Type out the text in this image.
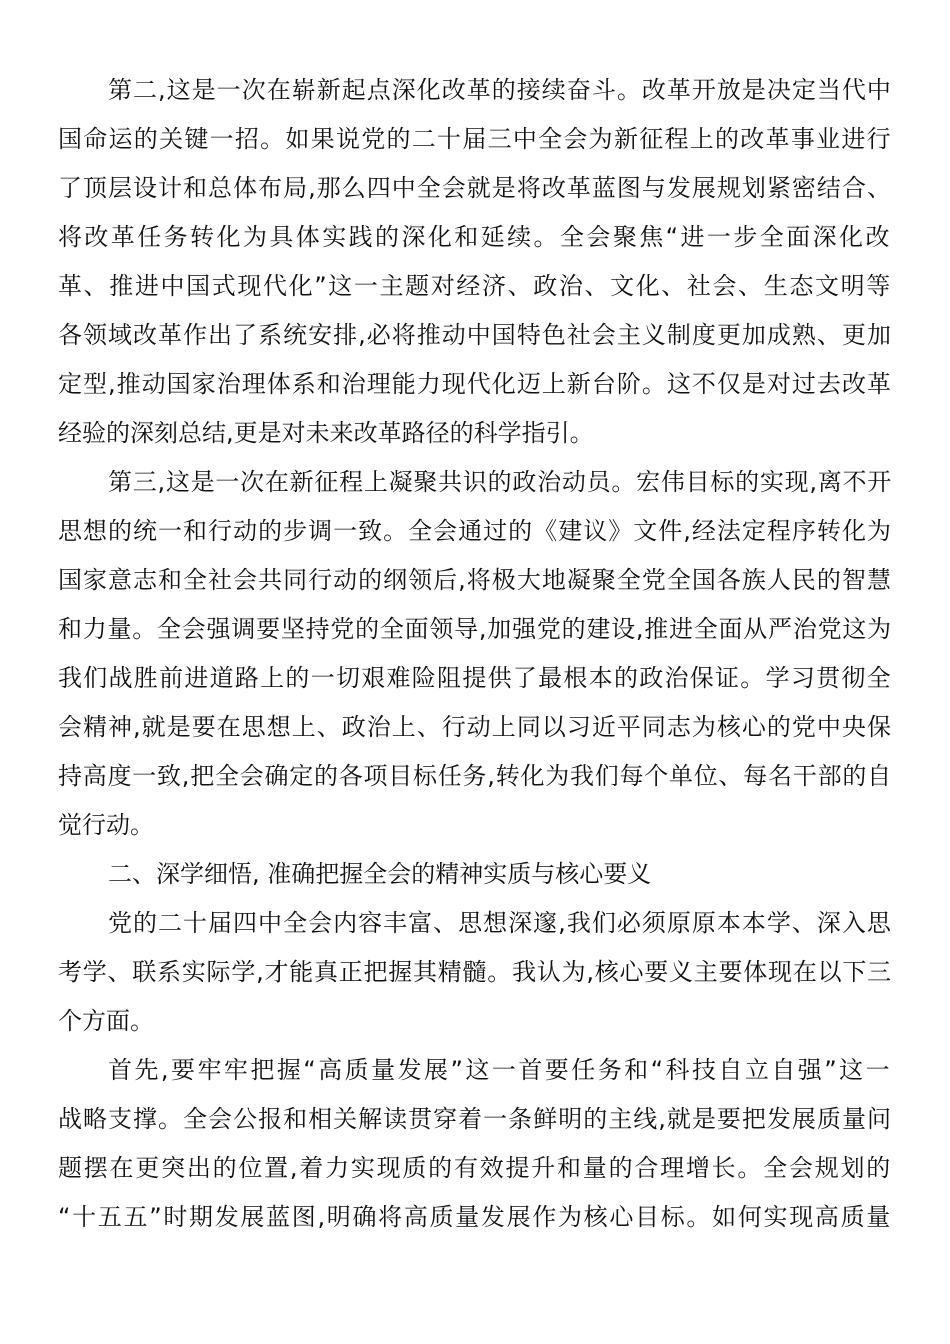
第二,这是一次在崭新起点深化改革的接续奋斗。改革开放是决定当代中
国命运的关键一招。如果说党的二十届三中全会为新征程上的改革事业进行
了顶层设计和总体布局,那么四中全会就是将改革蓝图与发展规划紧密结合、
将改革任务转化为具体实践的深化和延续。全会聚焦“进一步全面深化改
革、推进中国式现代化”这一主题对经济、政治、文化、社会、生态文明等
各领域改革作出了系统安排,必将推动中国特色社会主义制度更加成熟、更加
定型,推动国家治理体系和治理能力现代化迈上新台阶。这不仅是对过去改革
经验的深刻总结,更是对未来改革路径的科学指引。
第三,这是一次在新征程上凝聚共识的政治动员。宏伟目标的实现,离不开
思想的统一和行动的步调一致。全会通过的《建议》文件,经法定程序转化为
国家意志和全社会共同行动的纲领后,将极大地凝聚全党全国各族人民的智慧
和力量。全会强调要坚持党的全面领导,加强党的建设,推进全面从严治党这为
我们战胜前进道路上的一切艰难险阻提供了最根本的政治保证。学习贯彻全
会精神,就是要在思想上、政治上、行动上同以习近平同志为核心的党中央保
持高度一致,把全会确定的各项目标任务,转化为我们每个单位、每名干部的自
觉行动。
二、深学细悟, 准确把握全会的精神实质与核心要义
党的二十届四中全会内容丰富、思想深邃,我们必须原原本本学、深入思
考学、联系实际学,才能真正把握其精髓。我认为,核心要义主要体现在以下三
个方面。
首先,要牢牢把握“高质量发展”这一首要任务和“科技自立自强”这一
战略支撑。全会公报和相关解读贯穿着一条鲜明的主线,就是要把发展质量问
题摆在更突出的位置,着力实现质的有效提升和量的合理增长。全会规划的
“十五五”时期发展蓝图,明确将高质量发展作为核心目标。如何实现高质量
